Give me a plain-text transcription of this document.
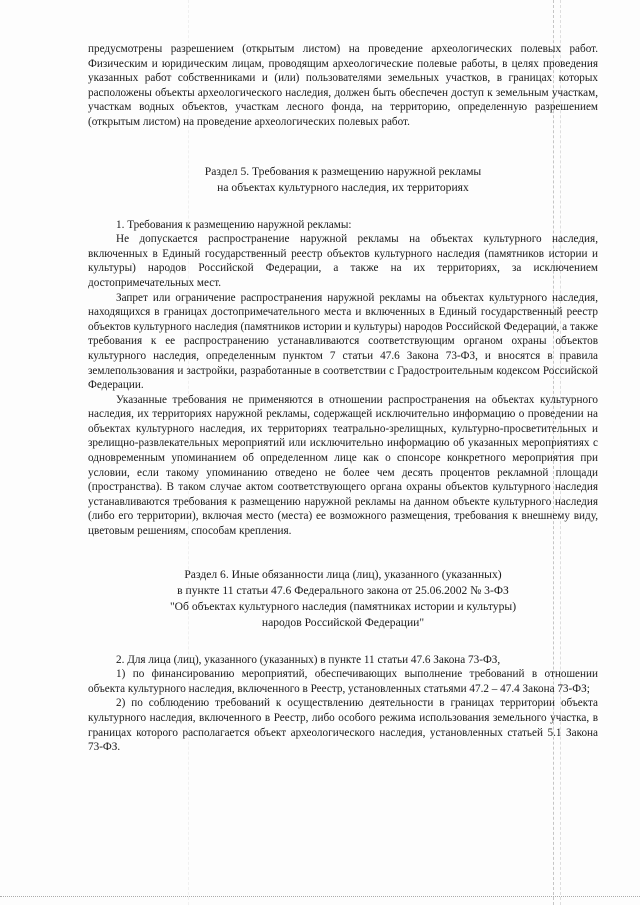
предусмотрены разрешением (открытым листом) на проведение археологических полевых работ. Физическим и юридическим лицам, проводящим археологические полевые работы, в целях проведения указанных работ собственниками и (или) пользователями земельных участков, в границах которых расположены объекты археологического наследия, должен быть обеспечен доступ к земельным участкам, участкам водных объектов, участкам лесного фонда, на территорию, определенную разрешением (открытым листом) на проведение археологических полевых работ.

Раздел 5. Требования к размещению наружной рекламы

на объектах культурного наследия, их территориях

1. Требования к размещению наружной рекламы:

Не допускается распространение наружной рекламы на объектах культурного наследия, включенных в Единый государственный реестр объектов культурного наследия (памятников истории и культуры) народов Российской Федерации, а также на их территориях, за исключением достопримечательных мест.

Запрет или ограничение распространения наружной рекламы на объектах культурного наследия, находящихся в границах достопримечательного места и включенных в Единый государственный реестр объектов культурного наследия (памятников истории и культуры) народов Российской Федерации, а также требования к ее распространению устанавливаются соответствующим органом охраны объектов культурного наследия, определенным пунктом 7 статьи 47.6 Закона 73-ФЗ, и вносятся в правила землепользования и застройки, разработанные в соответствии с Градостроительным кодексом Российской Федерации.

Указанные требования не применяются в отношении распространения на объектах культурного наследия, их территориях наружной рекламы, содержащей исключительно информацию о проведении на объектах культурного наследия, их территориях театрально-зрелищных, культурно-просветительных и зрелищно-развлекательных мероприятий или исключительно информацию об указанных мероприятиях с одновременным упоминанием об определенном лице как о спонсоре конкретного мероприятия при условии, если такому упоминанию отведено не более чем десять процентов рекламной площади (пространства). В таком случае актом соответствующего органа охраны объектов культурного наследия устанавливаются требования к размещению наружной рекламы на данном объекте культурного наследия (либо его территории), включая место (места) ее возможного размещения, требования к внешнему виду, цветовым решениям, способам крепления.

Раздел 6. Иные обязанности лица (лиц), указанного (указанных)

в пункте 11 статьи 47.6 Федерального закона от 25.06.2002 № 3-ФЗ

"Об объектах культурного наследия (памятниках истории и культуры)

народов Российской Федерации"

2. Для лица (лиц), указанного (указанных) в пункте 11 статьи 47.6 Закона 73-ФЗ,

1) по финансированию мероприятий, обеспечивающих выполнение требований в отношении объекта культурного наследия, включенного в Реестр, установленных статьями 47.2 – 47.4 Закона 73-ФЗ;

2) по соблюдению требований к осуществлению деятельности в границах территории объекта культурного наследия, включенного в Реестр, либо особого режима использования земельного участка, в границах которого располагается объект археологического наследия, установленных статьей 5.1 Закона 73-ФЗ.
